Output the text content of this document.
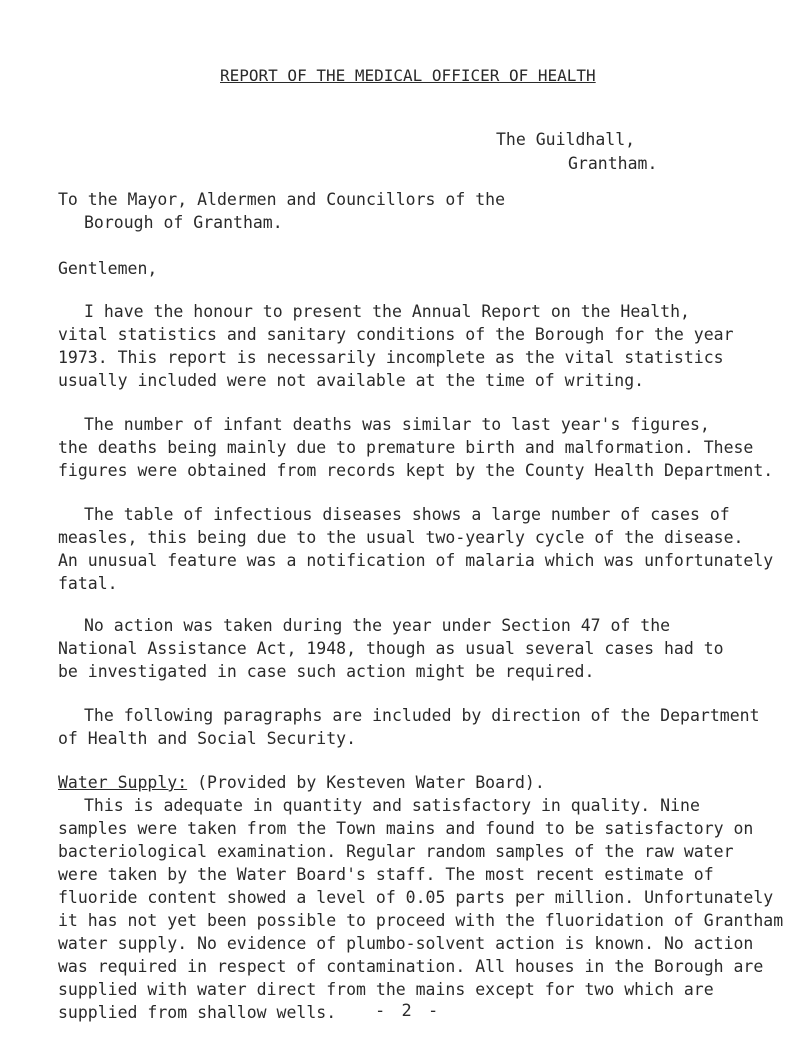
REPORT OF THE MEDICAL OFFICER OF HEALTH
The Guildhall,
Grantham.
To the Mayor, Aldermen and Councillors of the
Borough of Grantham.
Gentlemen,
I have the honour to present the Annual Report on the Health,
vital statistics and sanitary conditions of the Borough for the year
1973. This report is necessarily incomplete as the vital statistics
usually included were not available at the time of writing.
The number of infant deaths was similar to last year's figures,
the deaths being mainly due to premature birth and malformation. These
figures were obtained from records kept by the County Health Department.
The table of infectious diseases shows a large number of cases of
measles, this being due to the usual two-yearly cycle of the disease.
An unusual feature was a notification of malaria which was unfortunately
fatal.
No action was taken during the year under Section 47 of the
National Assistance Act, 1948, though as usual several cases had to
be investigated in case such action might be required.
The following paragraphs are included by direction of the Department
of Health and Social Security.
Water Supply: (Provided by Kesteven Water Board).
This is adequate in quantity and satisfactory in quality. Nine
samples were taken from the Town mains and found to be satisfactory on
bacteriological examination. Regular random samples of the raw water
were taken by the Water Board's staff. The most recent estimate of
fluoride content showed a level of 0.05 parts per million. Unfortunately
it has not yet been possible to proceed with the fluoridation of Grantham
water supply. No evidence of plumbo-solvent action is known. No action
was required in respect of contamination. All houses in the Borough are
supplied with water direct from the mains except for two which are
supplied from shallow wells.	- 2 -
